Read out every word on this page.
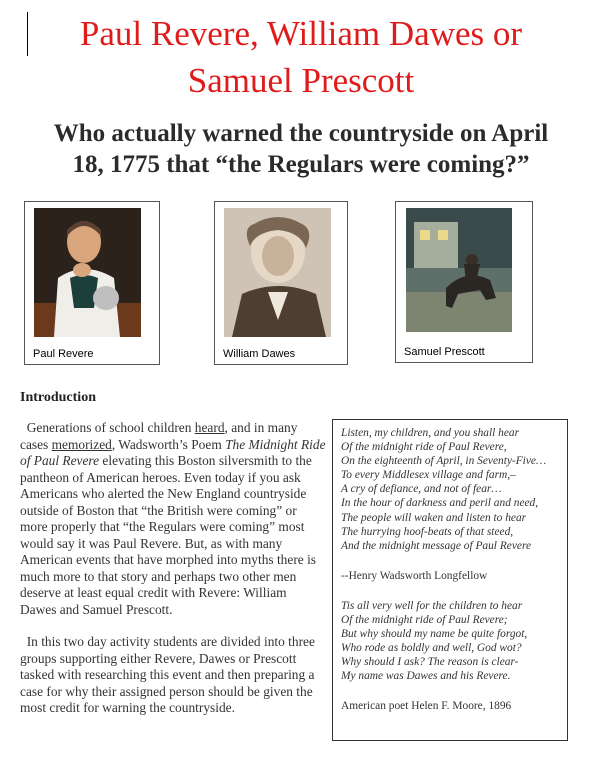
Paul Revere, William Dawes or
Samuel Prescott
Who actually warned the countryside on April
18, 1775 that “the Regulars were coming?”
Paul Revere	William Dawes	Samuel Prescott
Introduction

Generations of school children heard, and in many cases memorized, Wadsworth’s Poem The Midnight Ride of Paul Revere elevating this Boston silversmith to the pantheon of American heroes. Even today if you ask Americans who alerted the New England countryside outside of Boston that “the British were coming” or more properly that “the Regulars were coming” most would say it was Paul Revere. But, as with many American events that have morphed into myths there is much more to that story and perhaps two other men deserve at least equal credit with Revere: William Dawes and Samuel Prescott.

In this two day activity students are divided into three groups supporting either Revere, Dawes or Prescott tasked with researching this event and then preparing a case for why their assigned person should be given the most credit for warning the countryside.

Listen, my children, and you shall hear
Of the midnight ride of Paul Revere,
On the eighteenth of April, in Seventy-Five…
To every Middlesex village and farm,–
A cry of defiance, and not of fear…
In the hour of darkness and peril and need,
The people will waken and listen to hear
The hurrying hoof-beats of that steed,
And the midnight message of Paul Revere
--Henry Wadsworth Longfellow
Tis all very well for the children to hear
Of the midnight ride of Paul Revere;
But why should my name be quite forgot,
Who rode as boldly and well, God wot?
Why should I ask? The reason is clear-
My name was Dawes and his Revere.
American poet Helen F. Moore, 1896
